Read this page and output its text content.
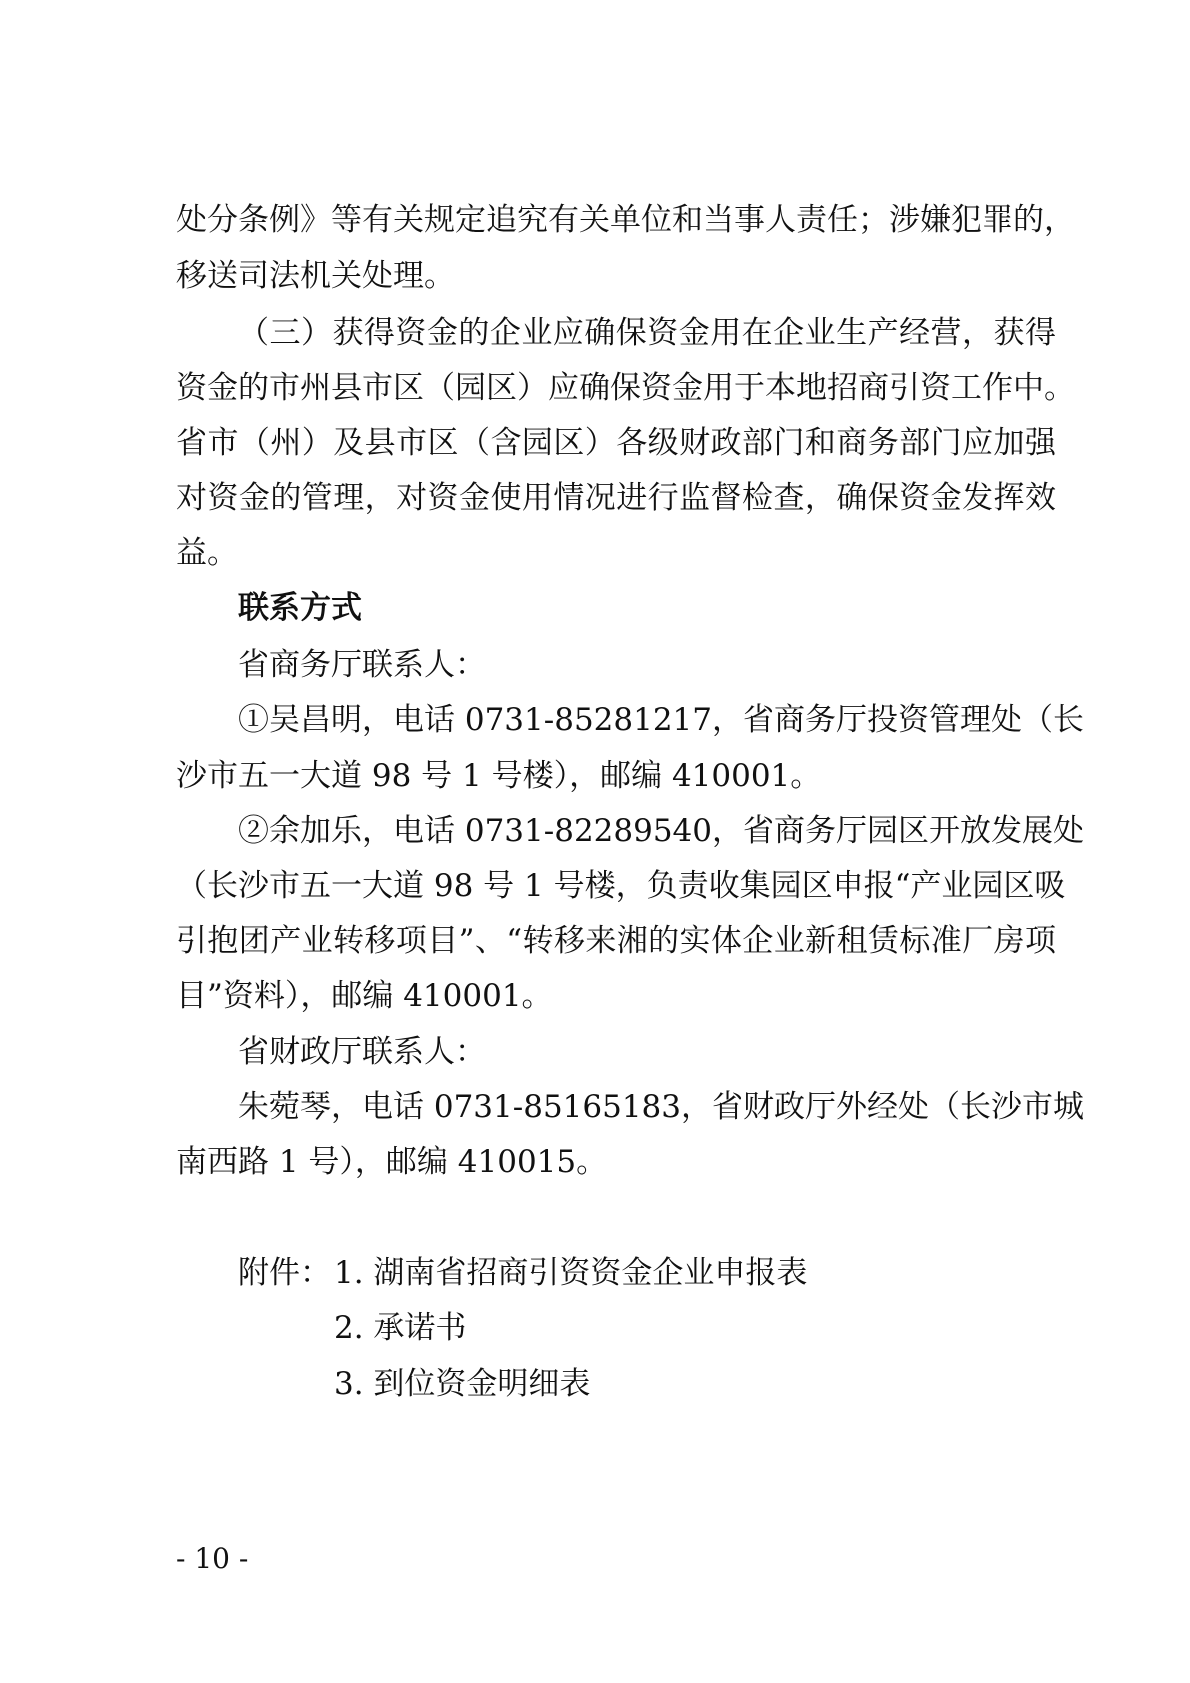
处分条例》等有关规定追究有关单位和当事人责任；涉嫌犯罪的，
移送司法机关处理。
（三）获得资金的企业应确保资金用在企业生产经营，获得
资金的市州县市区（园区）应确保资金用于本地招商引资工作中。
省市（州）及县市区（含园区）各级财政部门和商务部门应加强
对资金的管理，对资金使用情况进行监督检查，确保资金发挥效
益。
联系方式
省商务厅联系人：
①吴昌明，电话 0731-85281217，省商务厅投资管理处（长
沙市五一大道 98 号 1 号楼），邮编 410001。
②余加乐，电话 0731-82289540，省商务厅园区开放发展处
（长沙市五一大道 98 号 1 号楼，负责收集园区申报“产业园区吸
引抱团产业转移项目”、“转移来湘的实体企业新租赁标准厂房项
目”资料），邮编 410001。
省财政厅联系人：
朱菀琴，电话 0731-85165183，省财政厅外经处（长沙市城
南西路 1 号），邮编 410015。
附件： 1. 湖南省招商引资资金企业申报表
2. 承诺书
3. 到位资金明细表
- 10 -
